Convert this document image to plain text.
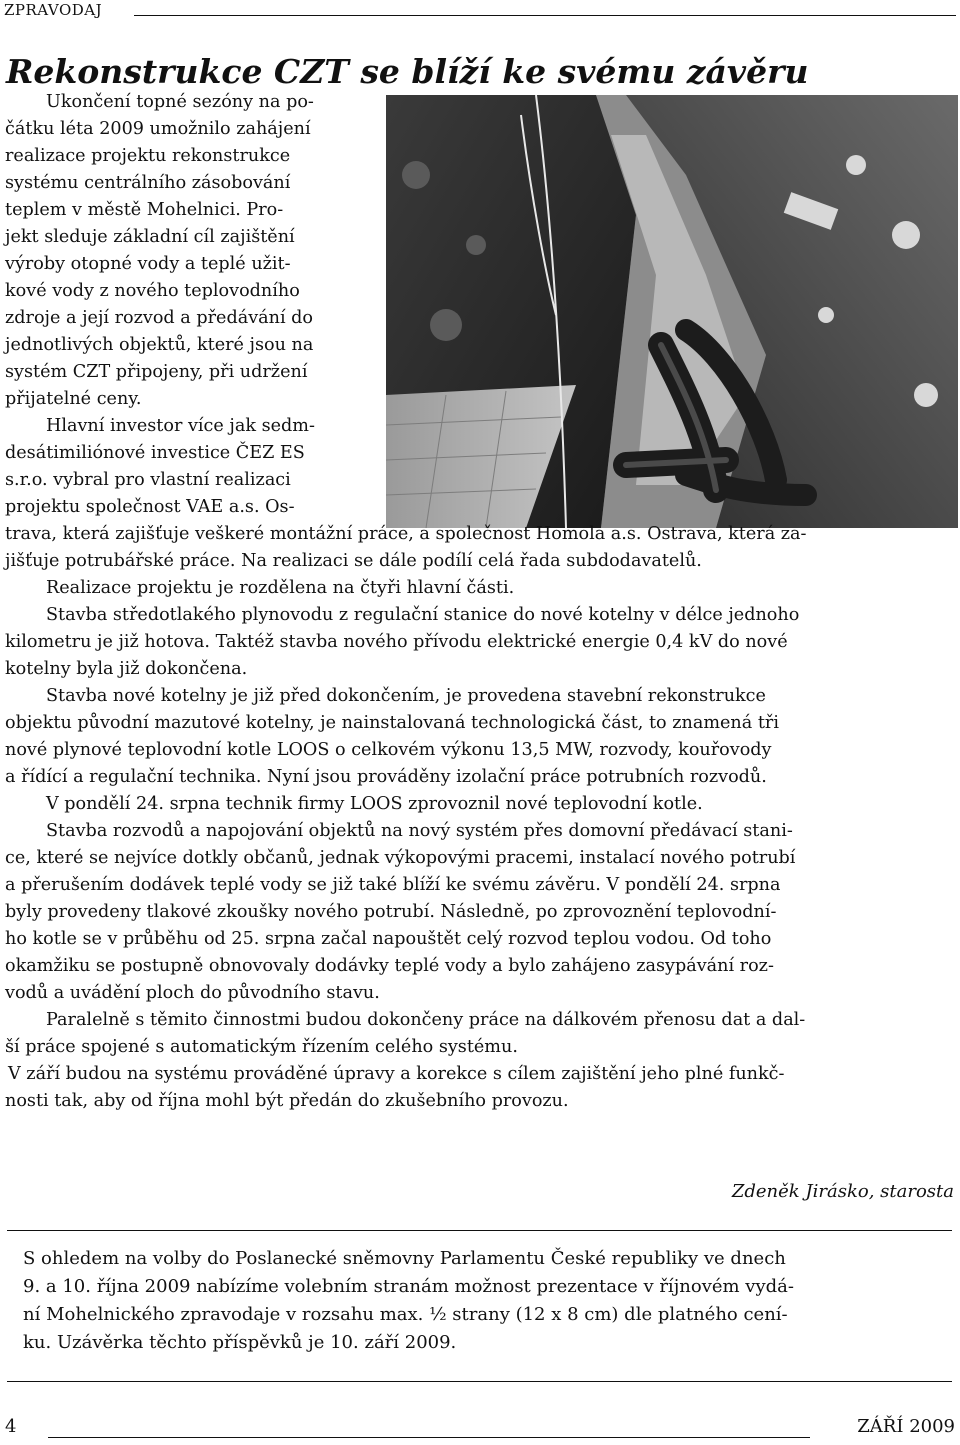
ZPRAVODAJ
Rekonstrukce CZT se blíží ke svému závěru
Ukončení topné sezóny na po-
čátku léta 2009 umožnilo zahájení
realizace projektu rekonstrukce
systému centrálního zásobování
teplem v městě Mohelnici. Pro-
jekt sleduje základní cíl zajištění
výroby otopné vody a teplé užit-
kové vody z nového teplovodního
zdroje a její rozvod a předávání do
jednotlivých objektů, které jsou na
systém CZT připojeny, při udržení
přijatelné ceny.
Hlavní investor více jak sedm-
desátimiliónové investice ČEZ ES
s.r.o. vybral pro vlastní realizaci
projektu společnost VAE a.s. Os-
trava, která zajišťuje veškeré montážní práce, a společnost Homola a.s. Ostrava, která za-
jišťuje potrubářské práce. Na realizaci se dále podílí celá řada subdodavatelů.
Realizace projektu je rozdělena na čtyři hlavní části.
Stavba středotlakého plynovodu z regulační stanice do nové kotelny v délce jednoho
kilometru je již hotova. Taktéž stavba nového přívodu elektrické energie 0,4 kV do nové
kotelny byla již dokončena.
Stavba nové kotelny je již před dokončením, je provedena stavební rekonstrukce
objektu původní mazutové kotelny, je nainstalovaná technologická část, to znamená tři
nové plynové teplovodní kotle LOOS o celkovém výkonu 13,5 MW, rozvody, kouřovody
a řídící a regulační technika. Nyní jsou prováděny izolační práce potrubních rozvodů.
V pondělí 24. srpna technik firmy LOOS zprovoznil nové teplovodní kotle.
Stavba rozvodů a napojování objektů na nový systém přes domovní předávací stani-
ce, které se nejvíce dotkly občanů, jednak výkopovými pracemi, instalací nového potrubí
a přerušením dodávek teplé vody se již také blíží ke svému závěru. V pondělí 24. srpna
byly provedeny tlakové zkoušky nového potrubí. Následně, po zprovoznění teplovodní-
ho kotle se v průběhu od 25. srpna začal napouštět celý rozvod teplou vodou. Od toho
okamžiku se postupně obnovovaly dodávky teplé vody a bylo zahájeno zasypávání roz-
vodů a uvádění ploch do původního stavu.
Paralelně s těmito činnostmi budou dokončeny práce na dálkovém přenosu dat a dal-
ší práce spojené s automatickým řízením celého systému.
V září budou na systému prováděné úpravy a korekce s cílem zajištění jeho plné funkč-
nosti tak, aby od října mohl být předán do zkušebního provozu.
Zdeněk Jirásko, starosta
S ohledem na volby do Poslanecké sněmovny Parlamentu České republiky ve dnech
9. a 10. října 2009 nabízíme volebním stranám možnost prezentace v říjnovém vydá-
ní Mohelnického zpravodaje v rozsahu max. ½ strany (12 x 8 cm) dle platného cení-
ku. Uzávěrka těchto příspěvků je 10. září 2009.
4	ZÁŘÍ 2009
